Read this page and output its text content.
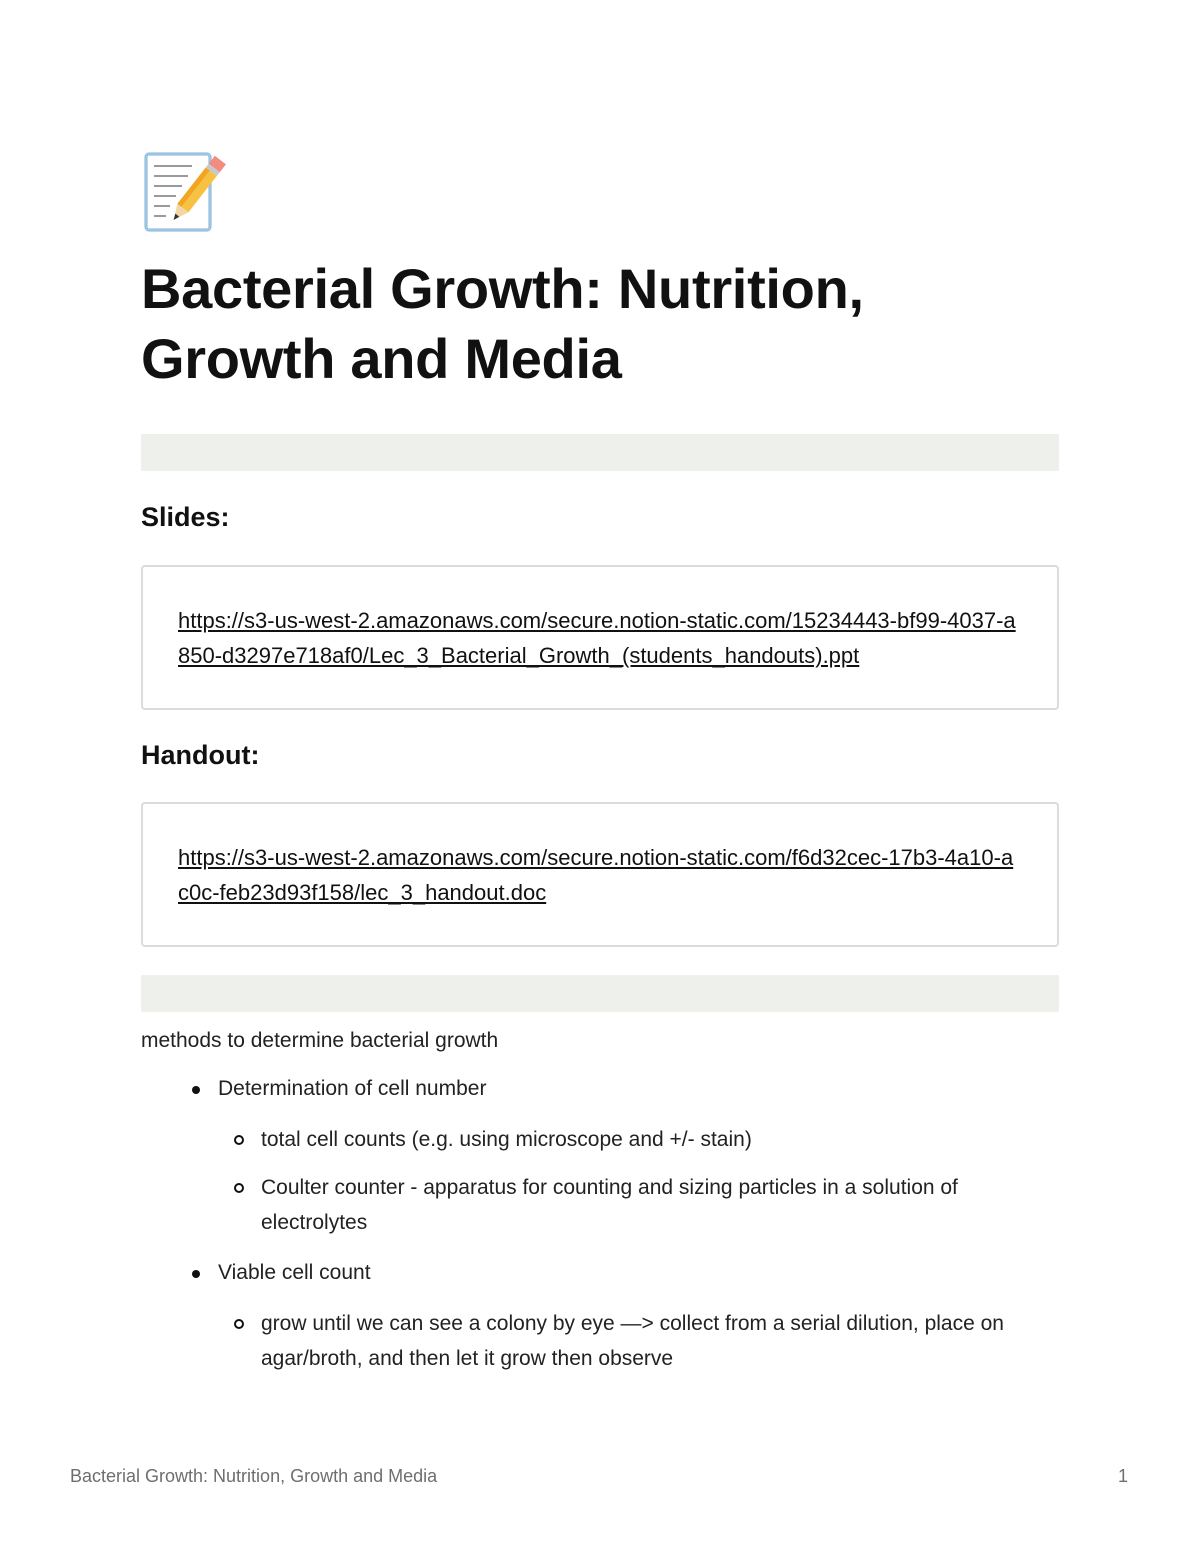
Bacterial Growth: Nutrition, Growth and Media
Slides:
https://s3-us-west-2.amazonaws.com/secure.notion-static.com/15234443-bf99-4037-a850-d3297e718af0/Lec_3_Bacterial_Growth_(students_handouts).ppt
Handout:
https://s3-us-west-2.amazonaws.com/secure.notion-static.com/f6d32cec-17b3-4a10-ac0c-feb23d93f158/lec_3_handout.doc

methods to determine bacterial growth

Determination of cell number
total cell counts (e.g. using microscope and +/- stain)
Coulter counter - apparatus for counting and sizing particles in a solution of electrolytes
Viable cell count
grow until we can see a colony by eye —> collect from a serial dilution, place on agar/broth, and then let it grow then observe
Bacterial Growth: Nutrition, Growth and Media	1
